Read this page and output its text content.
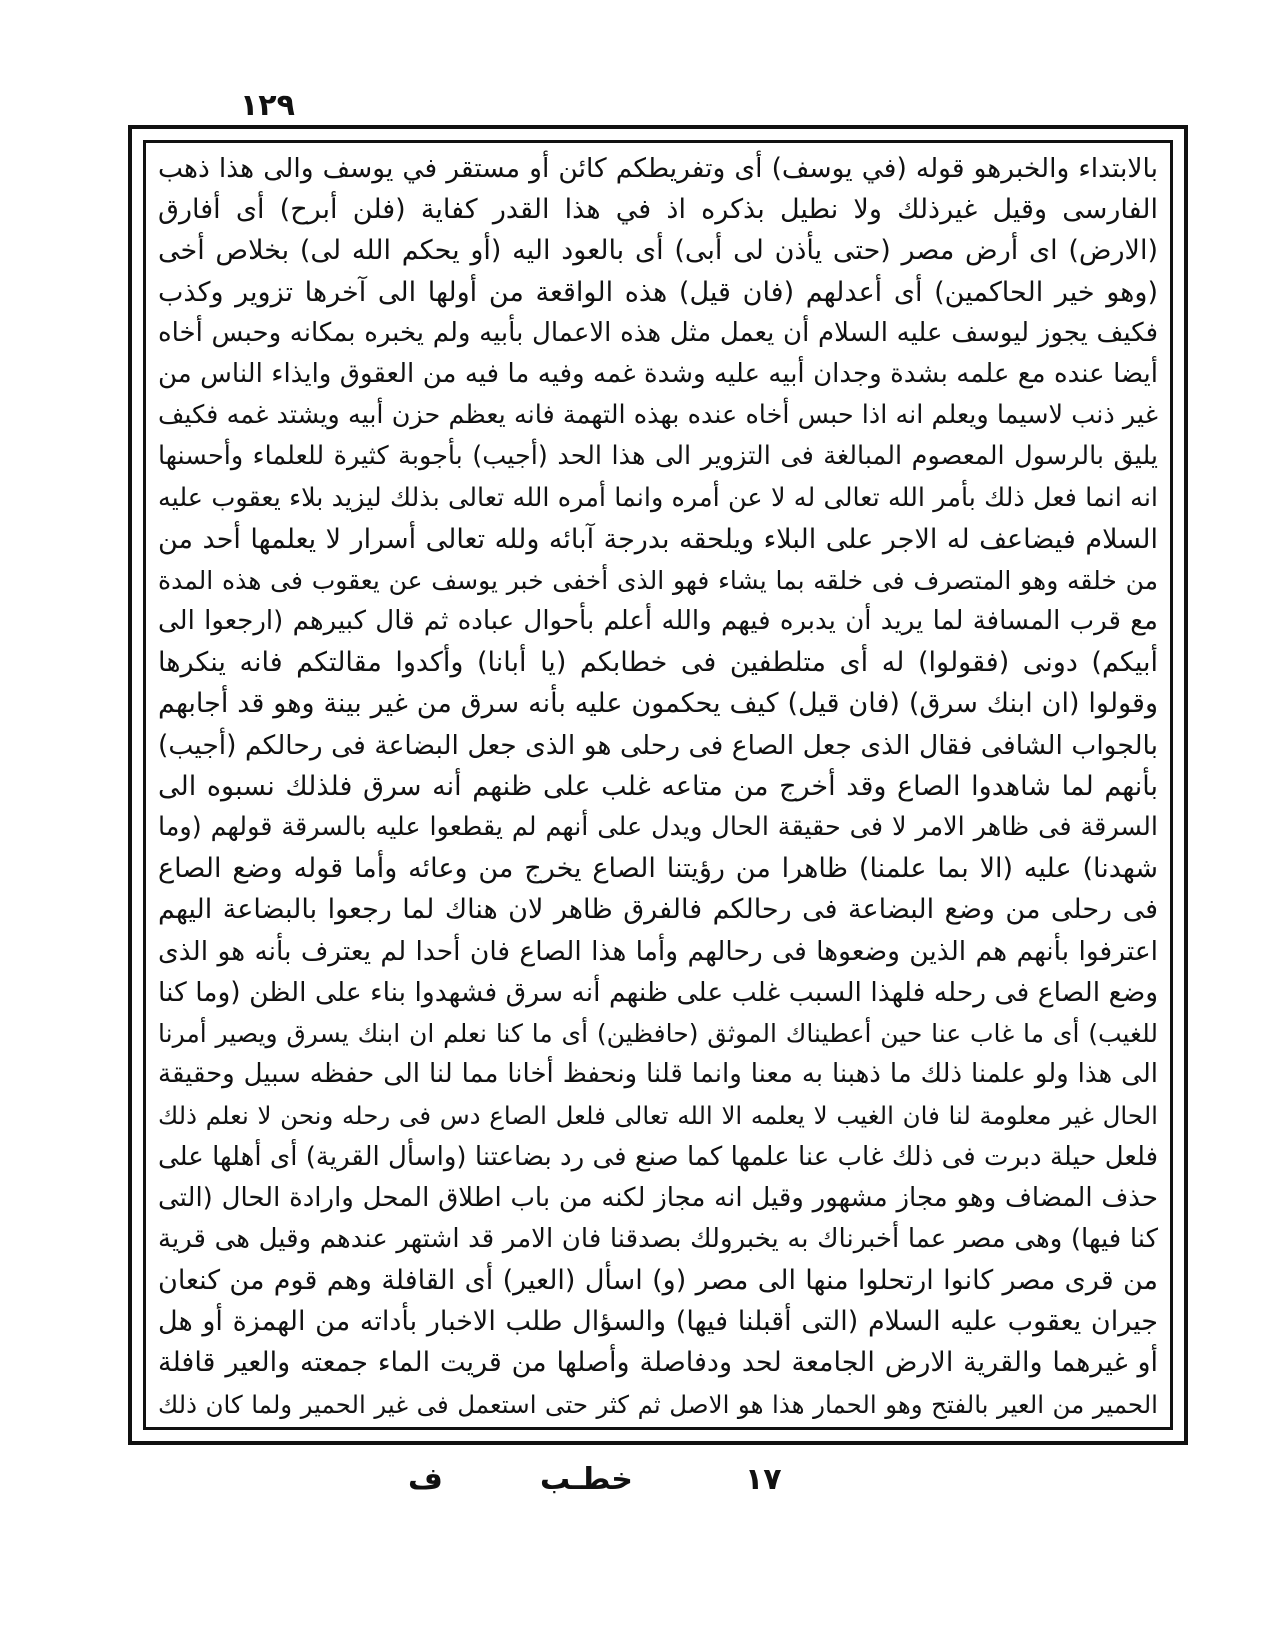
١٢٩
بالابتداء والخبرهو قوله (في يوسف) أى وتفريطكم كائن أو مستقر في يوسف والى هذا ذهب
الفارسى وقيل غيرذلك ولا نطيل بذكره اذ في هذا القدر كفاية (فلن أبرح) أى أفارق
(الارض) اى أرض مصر (حتى يأذن لى أبى) أى بالعود اليه (أو يحكم الله لى) بخلاص أخى
(وهو خير الحاكمين) أى أعدلهم (فان قيل) هذه الواقعة من أولها الى آخرها تزوير وكذب
فكيف يجوز ليوسف عليه السلام أن يعمل مثل هذه الاعمال بأبيه ولم يخبره بمكانه وحبس أخاه
أيضا عنده مع علمه بشدة وجدان أبيه عليه وشدة غمه وفيه ما فيه من العقوق وايذاء الناس من
غير ذنب لاسيما ويعلم انه اذا حبس أخاه عنده بهذه التهمة فانه يعظم حزن أبيه ويشتد غمه فكيف
يليق بالرسول المعصوم المبالغة فى التزوير الى هذا الحد (أجيب) بأجوبة كثيرة للعلماء وأحسنها
انه انما فعل ذلك بأمر الله تعالى له لا عن أمره وانما أمره الله تعالى بذلك ليزيد بلاء يعقوب عليه
السلام فيضاعف له الاجر على البلاء ويلحقه بدرجة آبائه ولله تعالى أسرار لا يعلمها أحد من
من خلقه وهو المتصرف فى خلقه بما يشاء فهو الذى أخفى خبر يوسف عن يعقوب فى هذه المدة
مع قرب المسافة لما يريد أن يدبره فيهم والله أعلم بأحوال عباده ثم قال كبيرهم (ارجعوا الى
أبيكم) دونى (فقولوا) له أى متلطفين فى خطابكم (يا أبانا) وأكدوا مقالتكم فانه ينكرها
وقولوا (ان ابنك سرق) (فان قيل) كيف يحكمون عليه بأنه سرق من غير بينة وهو قد أجابهم
بالجواب الشافى فقال الذى جعل الصاع فى رحلى هو الذى جعل البضاعة فى رحالكم (أجيب)
بأنهم لما شاهدوا الصاع وقد أخرج من متاعه غلب على ظنهم أنه سرق فلذلك نسبوه الى
السرقة فى ظاهر الامر لا فى حقيقة الحال ويدل على أنهم لم يقطعوا عليه بالسرقة قولهم (وما
شهدنا) عليه (الا بما علمنا) ظاهرا من رؤيتنا الصاع يخرج من وعائه وأما قوله وضع الصاع
فى رحلى من وضع البضاعة فى رحالكم فالفرق ظاهر لان هناك لما رجعوا بالبضاعة اليهم
اعترفوا بأنهم هم الذين وضعوها فى رحالهم وأما هذا الصاع فان أحدا لم يعترف بأنه هو الذى
وضع الصاع فى رحله فلهذا السبب غلب على ظنهم أنه سرق فشهدوا بناء على الظن (وما كنا
للغيب) أى ما غاب عنا حين أعطيناك الموثق (حافظين) أى ما كنا نعلم ان ابنك يسرق ويصير أمرنا
الى هذا ولو علمنا ذلك ما ذهبنا به معنا وانما قلنا ونحفظ أخانا مما لنا الى حفظه سبيل وحقيقة
الحال غير معلومة لنا فان الغيب لا يعلمه الا الله تعالى فلعل الصاع دس فى رحله ونحن لا نعلم ذلك
فلعل حيلة دبرت فى ذلك غاب عنا علمها كما صنع فى رد بضاعتنا (واسأل القرية) أى أهلها على
حذف المضاف وهو مجاز مشهور وقيل انه مجاز لكنه من باب اطلاق المحل وارادة الحال (التى
كنا فيها) وهى مصر عما أخبرناك به يخبرولك بصدقنا فان الامر قد اشتهر عندهم وقيل هى قرية
من قرى مصر كانوا ارتحلوا منها الى مصر (و) اسأل (العير) أى القافلة وهم قوم من كنعان
جيران يعقوب عليه السلام (التى أقبلنا فيها) والسؤال طلب الاخبار بأداته من الهمزة أو هل
أو غيرهما والقرية الارض الجامعة لحد ودفاصلة وأصلها من قريت الماء جمعته والعير قافلة
الحمير من العير بالفتح وهو الحمار هذا هو الاصل ثم كثر حتى استعمل فى غير الحمير ولما كان ذلك
١٧
خطـب
ف
